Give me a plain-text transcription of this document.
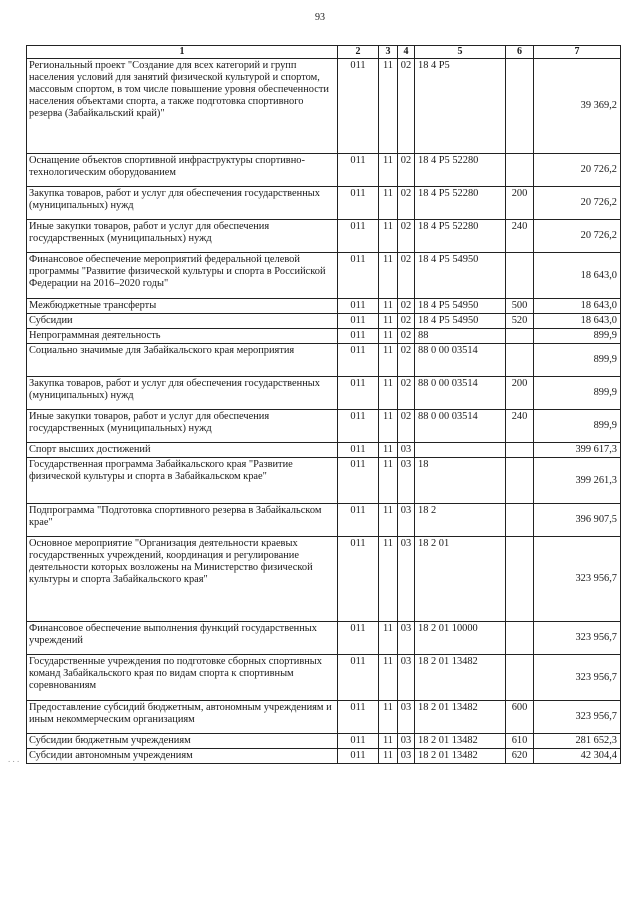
93
1	2	3	4	5	6	7
Региональный проект "Создание для всех категорий и групп населения условий для занятий физической культурой и спортом, массовым спортом, в том числе повышение уровня обеспеченности населения объектами спорта, а также подготовка спортивного резерва (Забайкальский край)"	011	11	02	18 4 P5		39 369,2
Оснащение объектов спортивной инфраструктуры спортивно-технологическим оборудованием	011	11	02	18 4 P5 52280		20 726,2
Закупка товаров, работ и услуг для обеспечения государственных (муниципальных) нужд	011	11	02	18 4 P5 52280	200	20 726,2
Иные закупки товаров, работ и услуг для обеспечения государственных (муниципальных) нужд	011	11	02	18 4 P5 52280	240	20 726,2
Финансовое обеспечение мероприятий федеральной целевой программы "Развитие физической культуры и спорта в Российской Федерации на 2016–2020 годы"	011	11	02	18 4 P5 54950		18 643,0
Межбюджетные трансферты	011	11	02	18 4 P5 54950	500	18 643,0
Субсидии	011	11	02	18 4 P5 54950	520	18 643,0
Непрограммная деятельность	011	11	02	88		899,9
Социально значимые для Забайкальского края мероприятия	011	11	02	88 0 00 03514		899,9
Закупка товаров, работ и услуг для обеспечения государственных (муниципальных) нужд	011	11	02	88 0 00 03514	200	899,9
Иные закупки товаров, работ и услуг для обеспечения государственных (муниципальных) нужд	011	11	02	88 0 00 03514	240	899,9
Спорт высших достижений	011	11	03			399 617,3
Государственная программа Забайкальского края "Развитие физической культуры и спорта в Забайкальском крае"	011	11	03	18		399 261,3
Подпрограмма "Подготовка спортивного резерва в Забайкальском крае"	011	11	03	18 2		396 907,5
Основное мероприятие "Организация деятельности краевых государственных учреждений, координация и регулирование деятельности которых возложены на Министерство физической культуры и спорта Забайкальского края"	011	11	03	18 2 01		323 956,7
Финансовое обеспечение выполнения функций государственных учреждений	011	11	03	18 2 01 10000		323 956,7
Государственные учреждения по подготовке сборных спортивных команд Забайкальского края по видам спорта к спортивным соревнованиям	011	11	03	18 2 01 13482		323 956,7
Предоставление субсидий бюджетным, автономным учреждениям и иным некоммерческим организациям	011	11	03	18 2 01 13482	600	323 956,7
Субсидии бюджетным учреждениям	011	11	03	18 2 01 13482	610	281 652,3
Субсидии автономным учреждениям	011	11	03	18 2 01 13482	620	42 304,4
. . .
